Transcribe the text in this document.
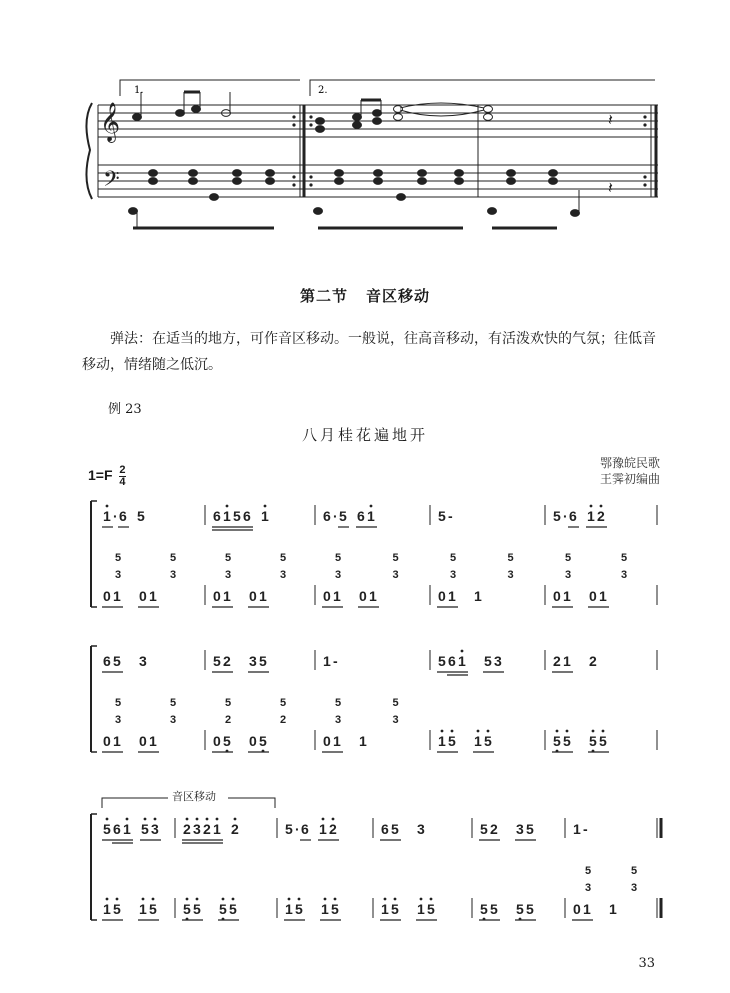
𝄞
𝄢
1.	2.
𝄽
𝄽
第二节 音区移动
弹法：在适当的地方，可作音区移动。一般说，往高音移动，有活泼欢快的气氛；往低音移动，情绪随之低沉。
例 23
八月桂花遍地开
鄂豫皖民歌
王霁初编曲
$1=F \frac{2}{4}$
音区移动
1 · 6 5	6 1 5 6 1	6 · 5 6 1	5 -	5 · 6 1 2
0 1 0 1	0 1 0 1	0 1 0 1	0 1 1	0 1 0 1
5
3
5
3
5
3
5
3
5
3
5
3
5
3
5
3
5
3
5
3
6 5 3	5 2 3 5	1 -	5 6 1 5 3	2 1 2
0 1 0 1	0 5 0 5	0 1 1	1 5 1 5	5 5 5 5
5
3
5
3
5
2
5
2
5
3
5
3
5 6 1 5 3 2 3 2 1 2	5 · 6 1 2	6 5 3	5 2 3 5	1 -
1 5 1 5 5 5 5 5	1 5 1 5	1 5 1 5	5 5 5 5	0 1 1
5
3
5
3
33
